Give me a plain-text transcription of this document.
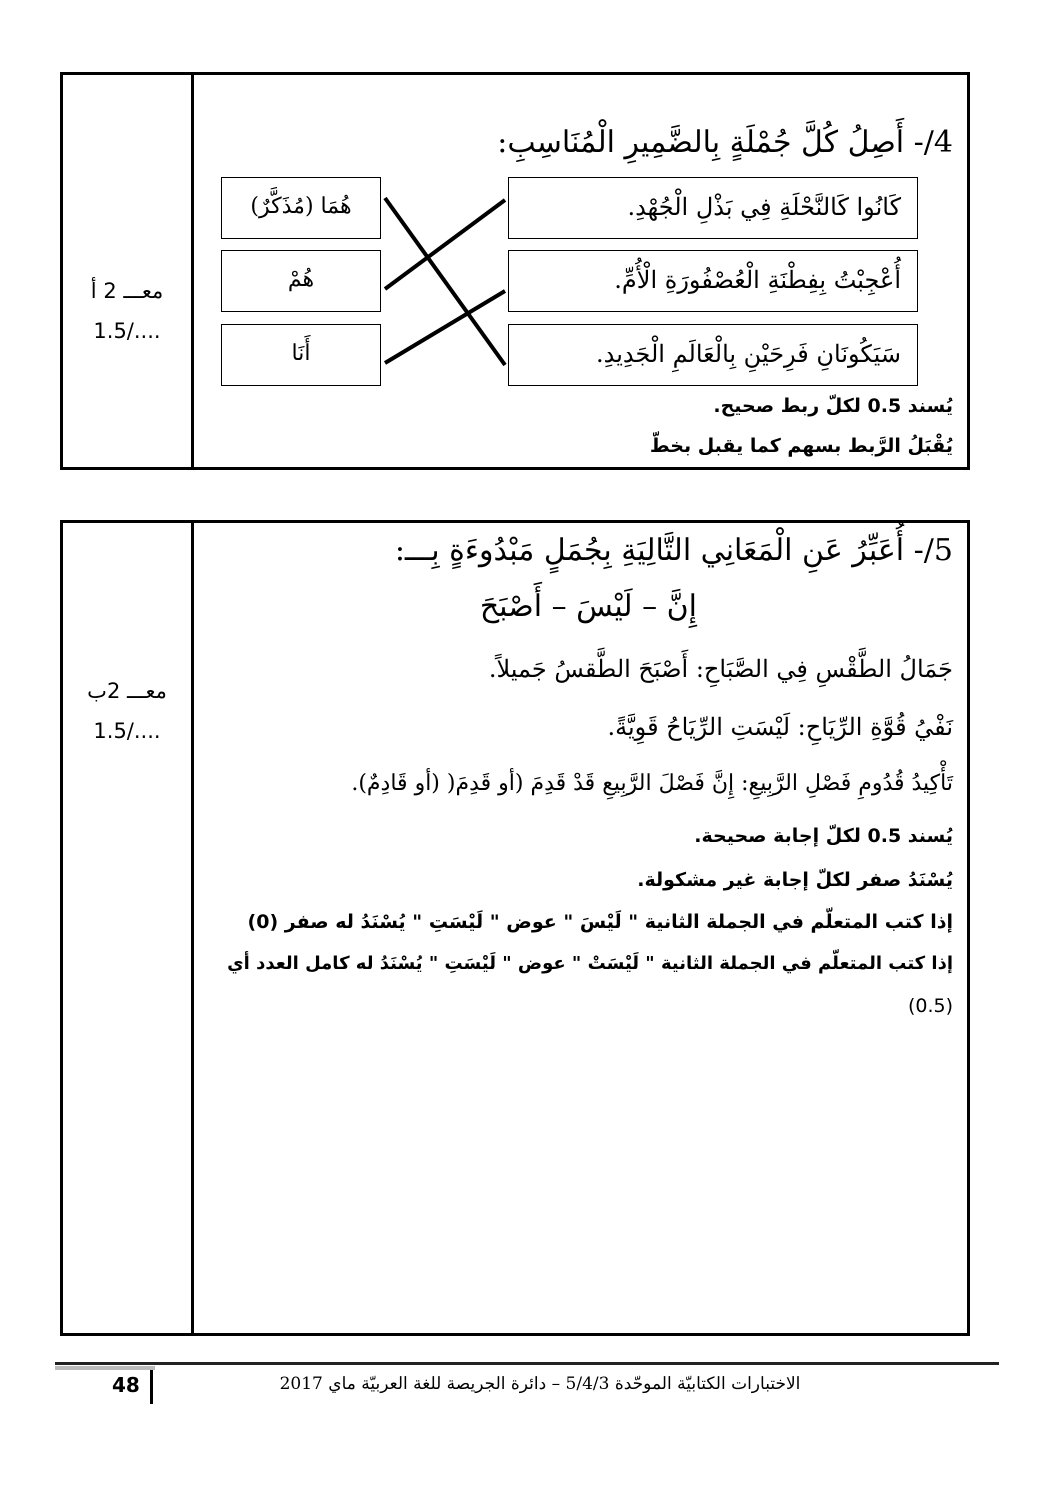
معـــ 2 أ
1.5/....
4/- أَصِلُ كُلَّ جُمْلَةٍ بِالضَّمِيرِ الْمُنَاسِبِ:
كَانُوا كَالنَّحْلَةِ فِي بَذْلِ الْجُهْدِ.
أُعْجِبْتُ بِفِطْنَةِ الْعُصْفُورَةِ الْأُمِّ.
سَيَكُونَانِ فَرِحَيْنِ بِالْعَالَمِ الْجَدِيدِ.
هُمَا (مُذَكَّرٌ)
هُمْ
أَنَا
يُسند 0.5 لكلّ ربط صحيح.
يُقْبَلُ الرَّبط بسهم كما يقبل بخطّ
معـــ 2ب
1.5/....
5/- أُعَبِّرُ عَنِ الْمَعَانِي التَّالِيَةِ بِجُمَلٍ مَبْدُوءَةٍ بِـــ:
إِنَّ – لَيْسَ – أَصْبَحَ
جَمَالُ الطَّقْسِ فِي الصَّبَاحِ: أَصْبَحَ الطَّقسُ جَميلاً.
نَفْيُ قُوَّةِ الرِّيَاحِ: لَيْسَتِ الرِّيَاحُ قَوِيَّةً.
تَأْكِيدُ قُدُومِ فَصْلِ الرَّبِيعِ: إِنَّ فَصْلَ الرَّبِيعِ قَدْ قَدِمَ (أو قَدِمَ( (أو قَادِمٌ).
يُسند 0.5 لكلّ إجابة صحيحة.
يُسْنَدُ صفر لكلّ إجابة غير مشكولة.
إذا كتب المتعلّم في الجملة الثانية " لَيْسَ " عوض " لَيْسَتِ " يُسْنَدُ له صفر (0)
إذا كتب المتعلّم في الجملة الثانية " لَيْسَتْ " عوض " لَيْسَتِ " يُسْنَدُ له كامل العدد أي
(0.5)
48	الاختبارات الكتابيّة الموحّدة 5/4/3 – دائرة الجريصة للغة العربيّة ماي 2017
